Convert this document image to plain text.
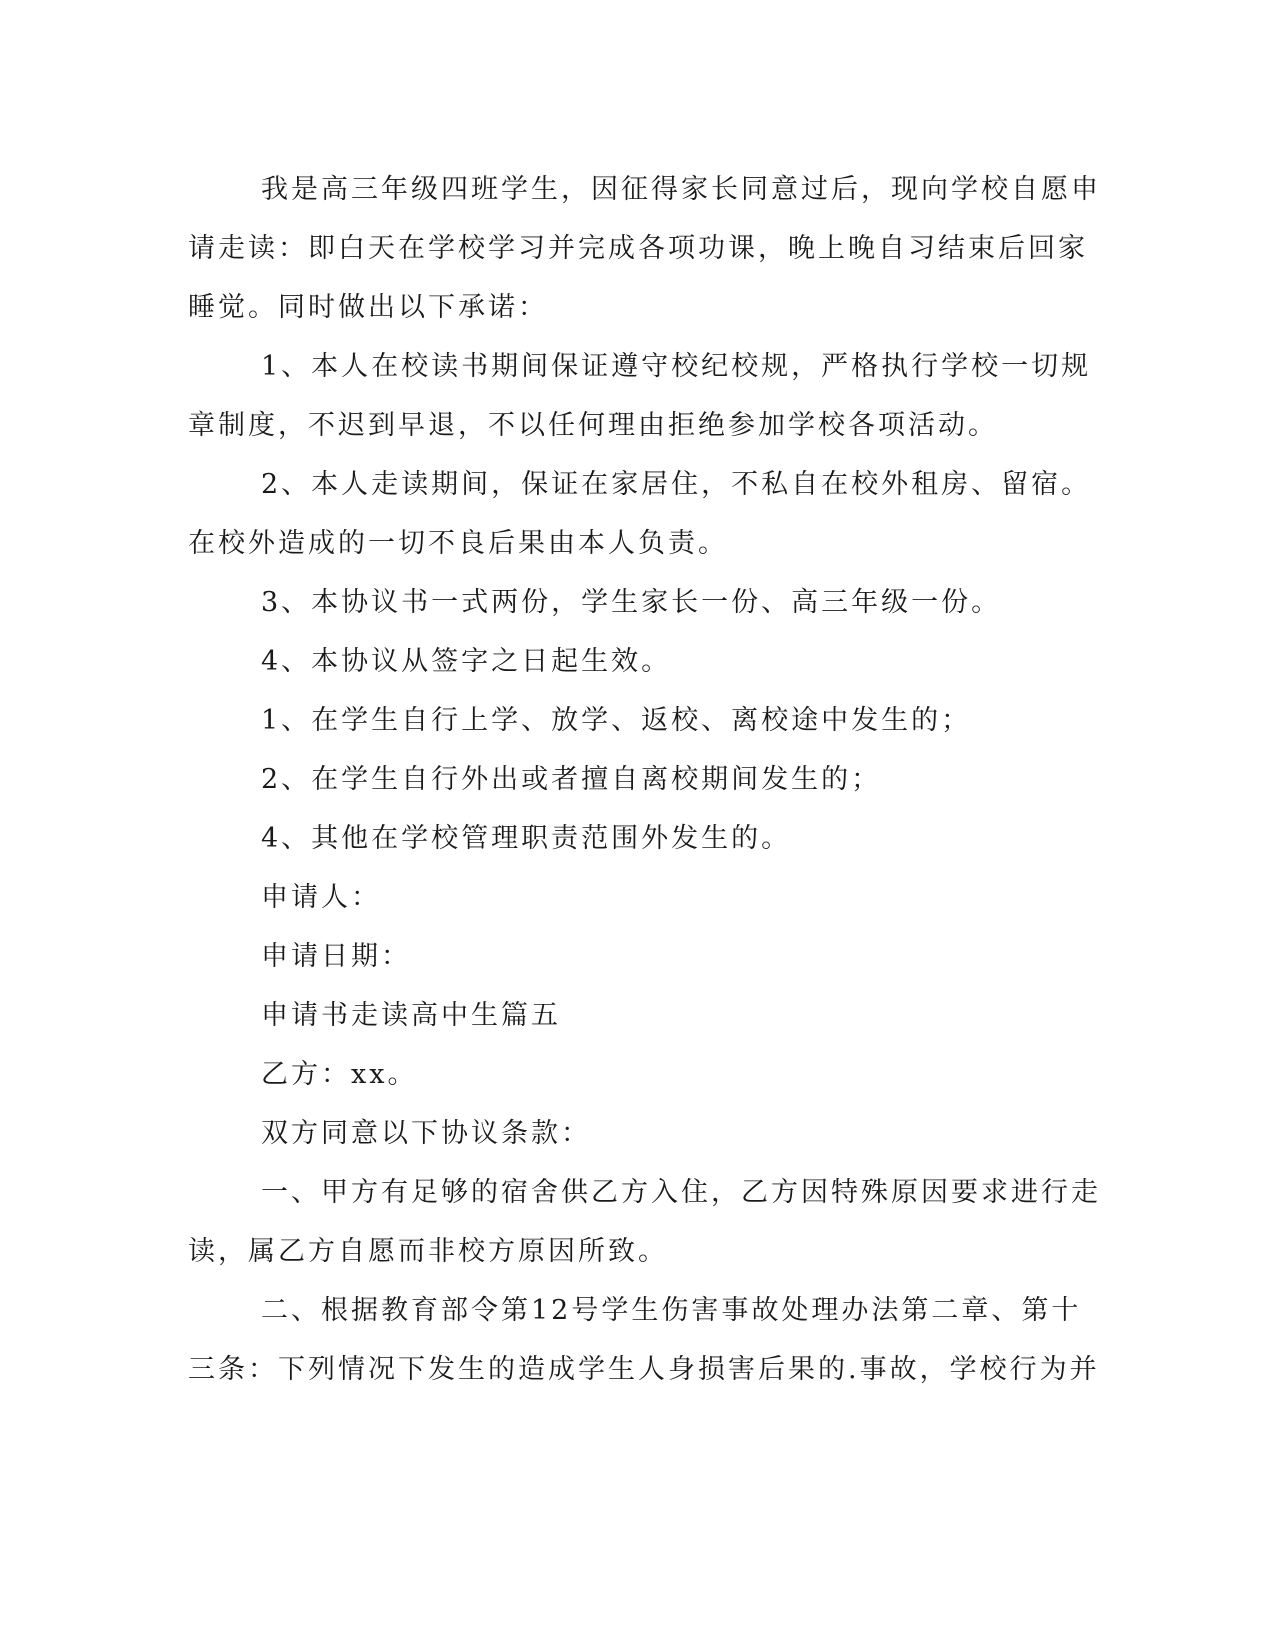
我是高三年级四班学生，因征得家长同意过后，现向学校自愿申

请走读：即白天在学校学习并完成各项功课，晚上晚自习结束后回家

睡觉。同时做出以下承诺：

1、本人在校读书期间保证遵守校纪校规，严格执行学校一切规

章制度，不迟到早退，不以任何理由拒绝参加学校各项活动。

2、本人走读期间，保证在家居住，不私自在校外租房、留宿。

在校外造成的一切不良后果由本人负责。

3、本协议书一式两份，学生家长一份、高三年级一份。

4、本协议从签字之日起生效。

1、在学生自行上学、放学、返校、离校途中发生的；

2、在学生自行外出或者擅自离校期间发生的；

4、其他在学校管理职责范围外发生的。

申请人：

申请日期：

申请书走读高中生篇五

乙方：xx。

双方同意以下协议条款：

一、甲方有足够的宿舍供乙方入住，乙方因特殊原因要求进行走

读，属乙方自愿而非校方原因所致。

二、根据教育部令第12号学生伤害事故处理办法第二章、第十

三条：下列情况下发生的造成学生人身损害后果的.事故，学校行为并
